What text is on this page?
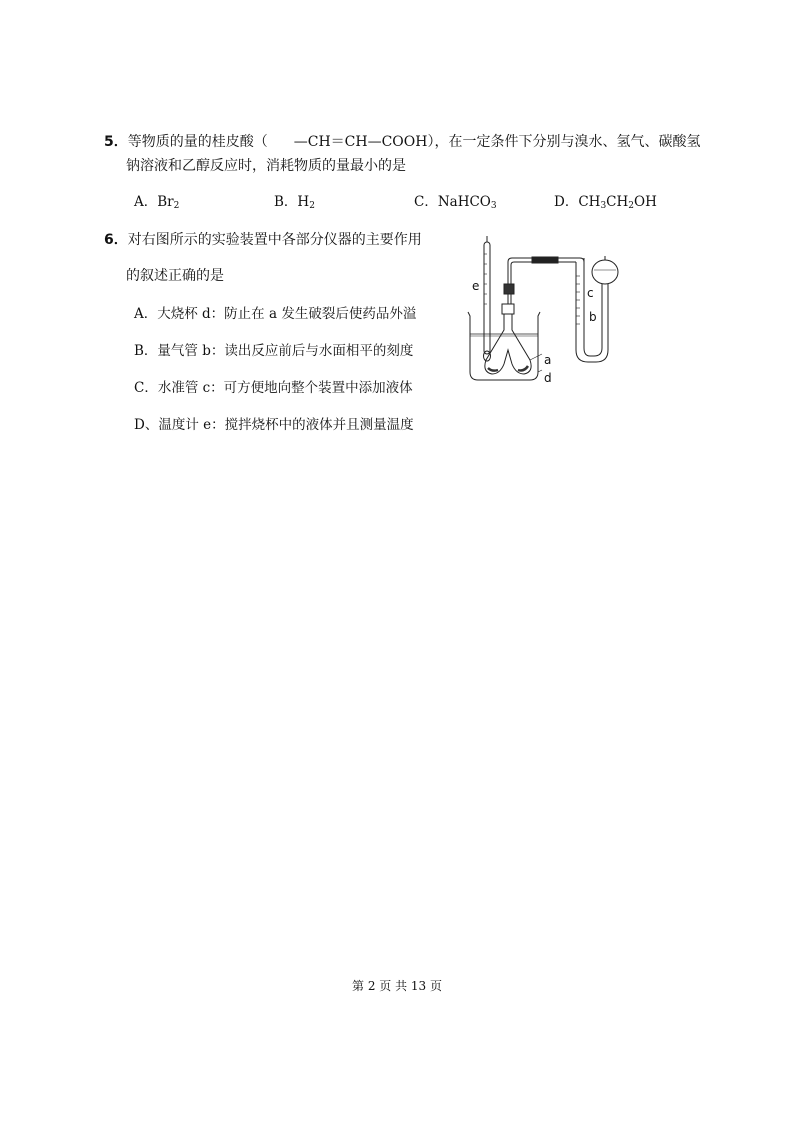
5．等物质的量的桂皮酸（ —CH＝CH—COOH），在一定条件下分别与溴水、氢气、碳酸氢
钠溶液和乙醇反应时，消耗物质的量最小的是
A．$Br_2$	B．$H_2$	C．NaHCO$_3$	D．$CH_3CH_2OH$
6．对右图所示的实验装置中各部分仪器的主要作用
的叙述正确的是
A．大烧杯 d：防止在 a 发生破裂后使药品外溢
B．量气管 b：读出反应前后与水面相平的刻度
C．水准管 c：可方便地向整个装置中添加液体
D、温度计 e：搅拌烧杯中的液体并且测量温度
e	c
b
a
d
第 2 页 共 13 页
